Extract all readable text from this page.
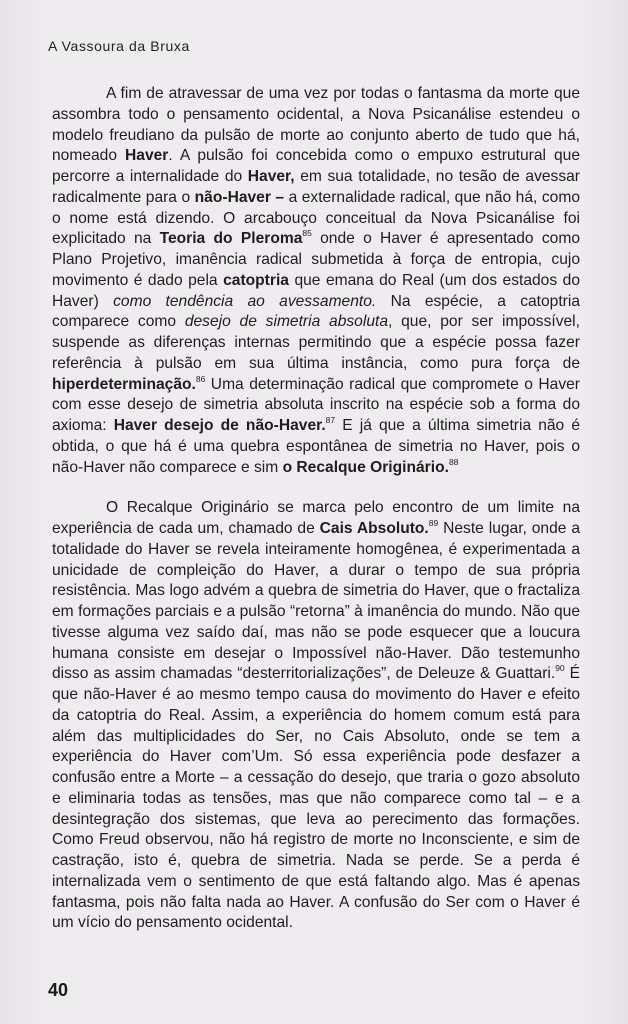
A Vassoura da Bruxa

A fim de atravessar de uma vez por todas o fantasma da morte que assombra todo o pensamento ocidental, a Nova Psicanálise estendeu o modelo freudiano da pulsão de morte ao conjunto aberto de tudo que há, nomeado Haver. A pulsão foi concebida como o empuxo estrutural que percorre a internalidade do Haver, em sua totalidade, no tesão de avessar radicalmente para o não-Haver – a externalidade radical, que não há, como o nome está dizendo. O arcabouço conceitual da Nova Psicanálise foi explicitado na Teoria do Pleroma$^{85}$ onde o Haver é apresentado como Plano Projetivo, imanência radical submetida à força de entropia, cujo movimento é dado pela catoptria que emana do Real (um dos estados do Haver) como tendência ao avessamento. Na espécie, a catoptria comparece como desejo de simetria absoluta, que, por ser impossível, suspende as diferenças internas permitindo que a espécie possa fazer referência à pulsão em sua última instância, como pura força de hiperdeterminação.$^{86}$ Uma determinação radical que compromete o Haver com esse desejo de simetria absoluta inscrito na espécie sob a forma do axioma: Haver desejo de não-Haver.$^{87}$ E já que a última simetria não é obtida, o que há é uma quebra espontânea de simetria no Haver, pois o não-Haver não comparece e sim o Recalque Originário.$^{88}$

O Recalque Originário se marca pelo encontro de um limite na experiência de cada um, chamado de Cais Absoluto.$^{89}$ Neste lugar, onde a totalidade do Haver se revela inteiramente homogênea, é experimentada a unicidade de compleição do Haver, a durar o tempo de sua própria resistência. Mas logo advém a quebra de simetria do Haver, que o fractaliza em formações parciais e a pulsão “retorna” à imanência do mundo. Não que tivesse alguma vez saído daí, mas não se pode esquecer que a loucura humana consiste em desejar o Impossível não-Haver. Dão testemunho disso as assim chamadas “desterritorializações”, de Deleuze & Guattari.$^{90}$ É que não-Haver é ao mesmo tempo causa do movimento do Haver e efeito da catoptria do Real. Assim, a experiência do homem comum está para além das multiplicidades do Ser, no Cais Absoluto, onde se tem a experiência do Haver com’Um. Só essa experiência pode desfazer a confusão entre a Morte – a cessação do desejo, que traria o gozo absoluto e eliminaria todas as tensões, mas que não comparece como tal – e a desintegração dos sistemas, que leva ao perecimento das formações. Como Freud observou, não há registro de morte no Inconsciente, e sim de castração, isto é, quebra de simetria. Nada se perde. Se a perda é internalizada vem o sentimento de que está faltando algo. Mas é apenas fantasma, pois não falta nada ao Haver. A confusão do Ser com o Haver é um vício do pensamento ocidental.

40
